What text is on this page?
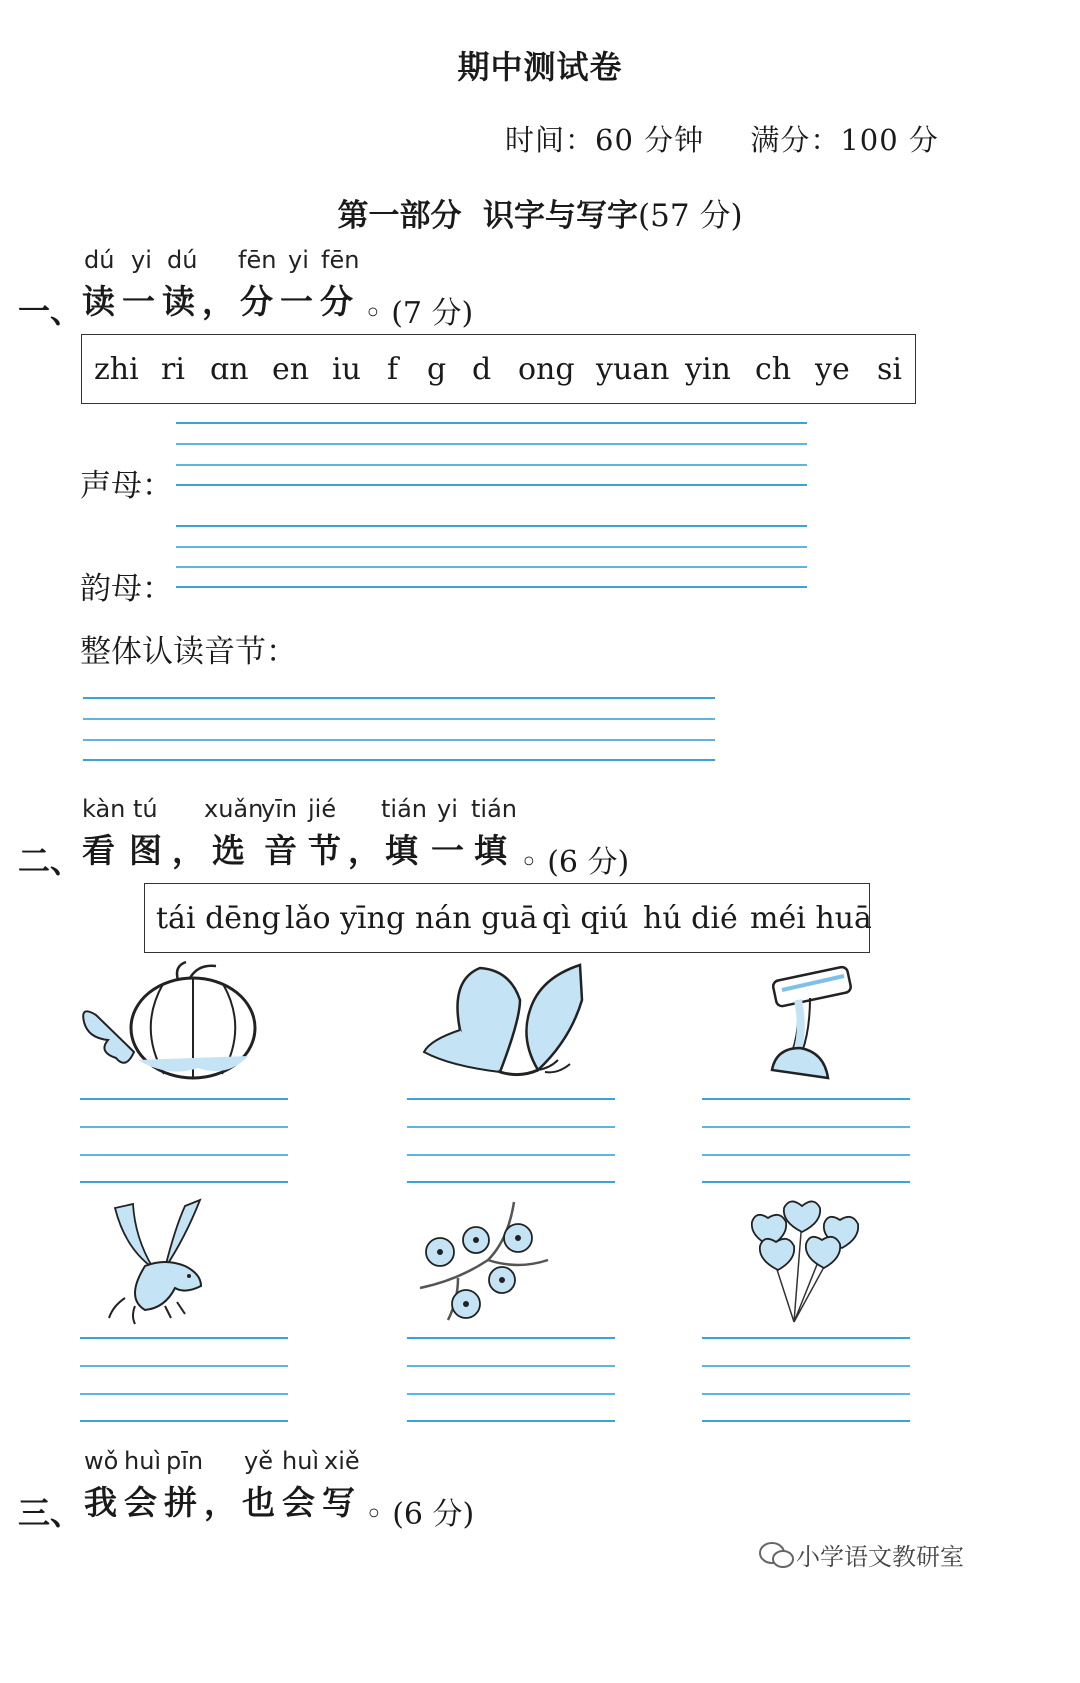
期中测试卷
时间：60 分钟 满分：100 分
第一部分 识字与写字(57 分)
一、
dú yi dú fēn yi fēn
读 一 读 ， 分 一 分 ◦ (7 分)
zhi ri ɑn en iu f g d ong yuan yin ch ye si
声母：
韵母：
整体认读音节：
二、
kàn tú xuǎn
yīn jié tián yi tián
看 图 ， 选 音 节 ， 填 一 填 ◦ (6 分)
tái dēng lǎo yīng nán guā qì qiú hú dié méi huā
三、
wǒ huì pīn yě huì xiě
我 会 拼 ， 也 会 写 ◦ (6 分)
小学语文教研室
